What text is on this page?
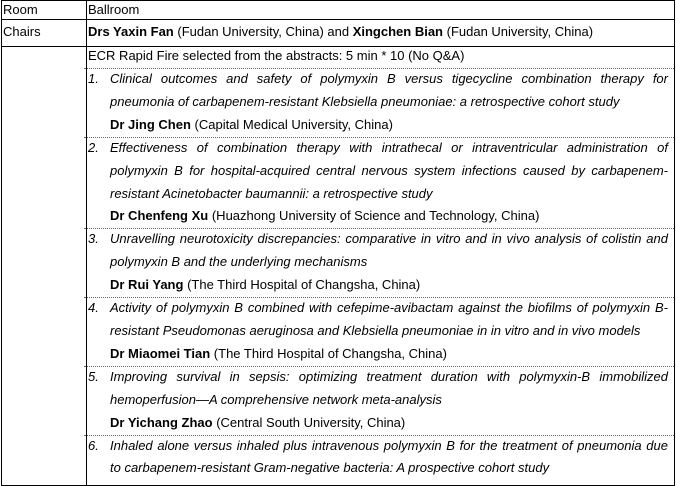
Room	Ballroom
Chairs	Drs Yaxin Fan (Fudan University, China) and Xingchen Bian (Fudan University, China)
ECR Rapid Fire selected from the abstracts: 5 min * 10 (No Q&A)
1. Clinical outcomes and safety of polymyxin B versus tigecycline combination therapy for pneumonia of carbapenem-resistant Klebsiella pneumoniae: a retrospective cohort study
Dr Jing Chen (Capital Medical University, China)
2. Effectiveness of combination therapy with intrathecal or intraventricular administration of polymyxin B for hospital-acquired central nervous system infections caused by carbapenem-resistant Acinetobacter baumannii: a retrospective study
Dr Chenfeng Xu (Huazhong University of Science and Technology, China)
3. Unravelling neurotoxicity discrepancies: comparative in vitro and in vivo analysis of colistin and polymyxin B and the underlying mechanisms
Dr Rui Yang (The Third Hospital of Changsha, China)
4. Activity of polymyxin B combined with cefepime-avibactam against the biofilms of polymyxin B-resistant Pseudomonas aeruginosa and Klebsiella pneumoniae in in vitro and in vivo models
Dr Miaomei Tian (The Third Hospital of Changsha, China)
5. Improving survival in sepsis: optimizing treatment duration with polymyxin-B immobilized hemoperfusion—A comprehensive network meta-analysis
Dr Yichang Zhao (Central South University, China)
6. Inhaled alone versus inhaled plus intravenous polymyxin B for the treatment of pneumonia due to carbapenem-resistant Gram-negative bacteria: A prospective cohort study
